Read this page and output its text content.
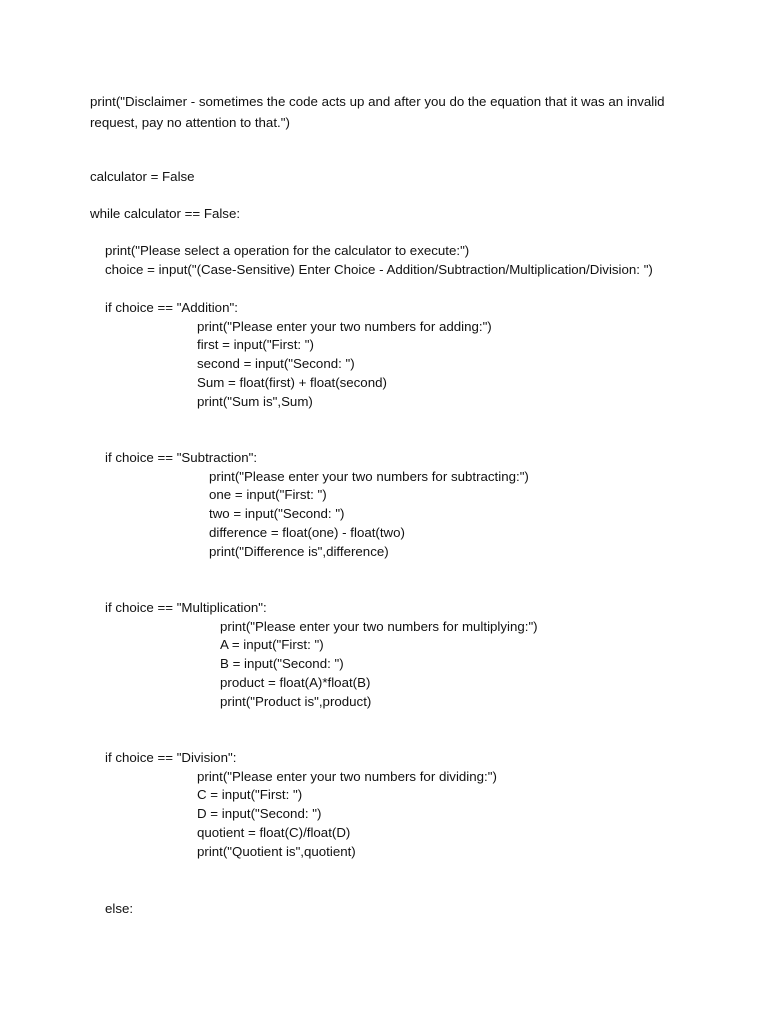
print("Disclaimer - sometimes the code acts up and after you do the equation that it was an invalid request, pay no attention to that.")

calculator = False

while calculator == False:

print("Please select a operation for the calculator to execute:")

choice = input("(Case-Sensitive) Enter Choice - Addition/Subtraction/Multiplication/Division: ")

if choice == "Addition":

print("Please enter your two numbers for adding:")

first = input("First: ")

second = input("Second: ")

Sum = float(first) + float(second)

print("Sum is",Sum)

if choice == "Subtraction":

print("Please enter your two numbers for subtracting:")

one = input("First: ")

two = input("Second: ")

difference = float(one) - float(two)

print("Difference is",difference)

if choice == "Multiplication":

print("Please enter your two numbers for multiplying:")

A = input("First: ")

B = input("Second: ")

product = float(A)*float(B)

print("Product is",product)

if choice == "Division":

print("Please enter your two numbers for dividing:")

C = input("First: ")

D = input("Second: ")

quotient = float(C)/float(D)

print("Quotient is",quotient)

else:
